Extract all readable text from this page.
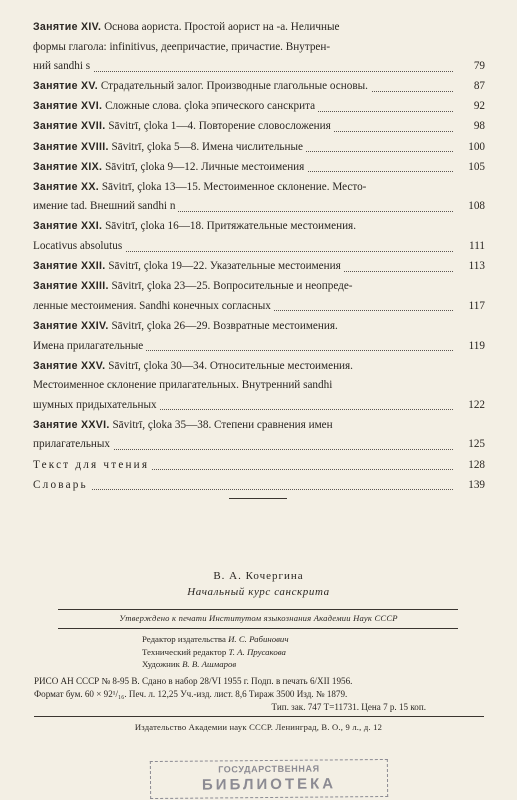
Занятие XIV. Основа аориста. Простой аорист на -a. Неличные
формы глагола: infinitivus, деепричастие, причастие. Внутрен-
ний sandhi s	79
Занятие XV. Страдательный залог. Производные глагольные основы.	87
Занятие XVI. Сложные слова. çloka эпического санскрита	92
Занятие XVII. Sāvitrī, çloka 1—4. Повторение словосложения	98
Занятие XVIII. Sāvitrī, çloka 5—8. Имена числительные	100
Занятие XIX. Sāvitrī, çloka 9—12. Личные местоимения	105
Занятие XX. Sāvitrī, çloka 13—15. Местоименное склонение. Место-
имение tad. Внешний sandhi n	108
Занятие XXI. Sāvitrī, çloka 16—18. Притяжательные местоимения.
Locativus absolutus	111
Занятие XXII. Sāvitrī, çloka 19—22. Указательные местоимения	113
Занятие XXIII. Sāvitrī, çloka 23—25. Вопросительные и неопреде-
ленные местоимения. Sandhi конечных согласных	117
Занятие XXIV. Sāvitrī, çloka 26—29. Возвратные местоимения.
Имена прилагательные	119
Занятие XXV. Sāvitrī, çloka 30—34. Относительные местоимения.
Местоименное склонение прилагательных. Внутренний sandhi
шумных придыхательных	122
Занятие XXVI. Sāvitrī, çloka 35—38. Степени сравнения имен
прилагательных	125
Текст для чтения	128
Словарь	139
В. А. Кочергина
Начальный курс санскрита
Утверждено к печати Институтом языкознания Академии Наук СССР
Редактор издательства И. С. Рабинович
Технический редактор Т. А. Прусакова
Художник В. В. Ашмаров
РИСО АН СССР № 8-95 В. Сдано в набор 28/VI 1955 г. Подп. в печать 6/XII 1956.
Формат бум. 60 × 92¹/₁₆. Печ. л. 12,25 Уч.-изд. лист. 8,6 Тираж 3500 Изд. № 1879.
Тип. зак. 747 Т=11731. Цена 7 р. 15 коп.
Издательство Академии наук СССР. Ленинград, В. О., 9 л., д. 12
ГОСУДАРСТВЕННАЯ
БИБЛИОТЕКА
